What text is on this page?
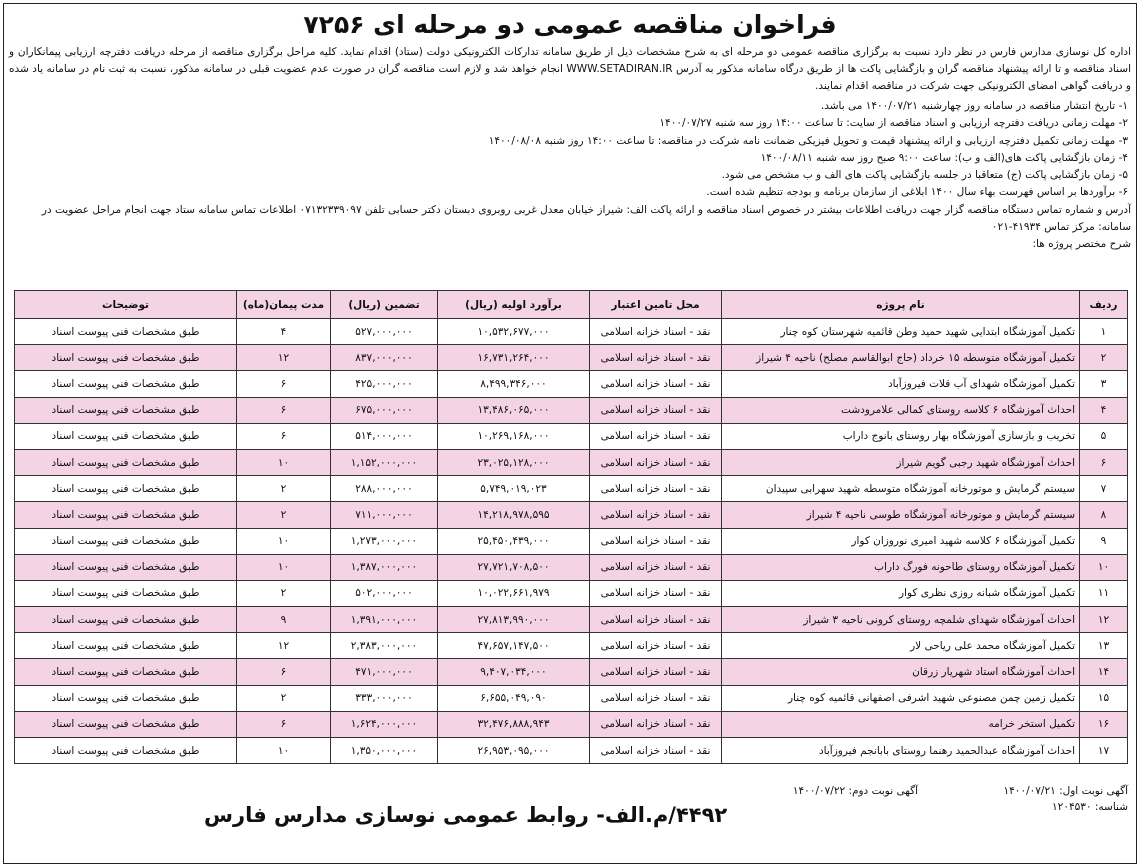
فراخوان مناقصه عمومی دو مرحله ای ۷۲۵۶

اداره کل نوسازی مدارس فارس در نظر دارد نسبت به برگزاری مناقصه عمومی دو مرحله ای به شرح مشخصات ذیل از طریق سامانه تدارکات الکترونیکی دولت (ستاد) اقدام نماید. کلیه مراحل برگزاری مناقصه از مرحله دریافت دفترچه ارزیابی پیمانکاران و اسناد مناقصه و تا ارائه پیشنهاد مناقصه گران و بازگشایی پاکت ها از طریق درگاه سامانه مذکور به آدرس WWW.SETADIRAN.IR انجام خواهد شد و لازم است مناقصه گران در صورت عدم عضویت قبلی در سامانه مذکور، نسبت به ثبت نام در سامانه یاد شده و دریافت گواهی امضای الکترونیکی جهت شرکت در مناقصه اقدام نمایند.

۱- تاریخ انتشار مناقصه در سامانه روز چهارشنبه ۱۴۰۰/۰۷/۲۱ می باشد.
۲- مهلت زمانی دریافت دفترچه ارزیابی و اسناد مناقصه از سایت: تا ساعت ۱۴:۰۰ روز سه شنبه ۱۴۰۰/۰۷/۲۷
۳- مهلت زمانی تکمیل دفترچه ارزیابی و ارائه پیشنهاد قیمت و تحویل فیزیکی ضمانت نامه شرکت در مناقصه: تا ساعت ۱۴:۰۰ روز شنبه ۱۴۰۰/۰۸/۰۸
۴- زمان بازگشایی پاکت های(الف و ب): ساعت ۹:۰۰ صبح روز سه شنبه ۱۴۰۰/۰۸/۱۱
۵- زمان بازگشایی پاکت (ج) متعاقبا در جلسه بازگشایی پاکت های الف و ب مشخص می شود.
۶- برآوردها بر اساس فهرست بهاء سال ۱۴۰۰ ابلاغی از سازمان برنامه و بودجه تنظیم شده است.
آدرس و شماره تماس دستگاه مناقصه گزار جهت دریافت اطلاعات بیشتر در خصوص اسناد مناقصه و ارائه پاکت الف: شیراز خیابان معدل غربی روبروی دبستان دکتر حسابی تلفن ۰۷۱۳۲۳۳۹۰۹۷ اطلاعات تماس سامانه ستاد جهت انجام مراحل عضویت در سامانه: مرکز تماس ۴۱۹۳۴-۰۲۱
شرح مختصر پروژه ها:
ردیف	نام پروژه	محل تامین اعتبار	برآورد اولیه (ریال)	تضمین (ریال)	مدت پیمان(ماه)	توضیحات
۱	تکمیل آموزشگاه ابتدایی شهید حمید وطن قائمیه شهرستان کوه چنار	نقد - اسناد خزانه اسلامی	۱۰,۵۳۲,۶۷۷,۰۰۰	۵۲۷,۰۰۰,۰۰۰	۴	طبق مشخصات فنی پیوست اسناد
۲	تکمیل آموزشگاه متوسطه ۱۵ خرداد (حاج ابوالقاسم مصلح) ناحیه ۴ شیراز	نقد - اسناد خزانه اسلامی	۱۶,۷۳۱,۲۶۴,۰۰۰	۸۳۷,۰۰۰,۰۰۰	۱۲	طبق مشخصات فنی پیوست اسناد
۳	تکمیل آموزشگاه شهدای آب قلات فیروزآباد	نقد - اسناد خزانه اسلامی	۸,۴۹۹,۳۴۶,۰۰۰	۴۲۵,۰۰۰,۰۰۰	۶	طبق مشخصات فنی پیوست اسناد
۴	احداث آموزشگاه ۶ کلاسه روستای کمالی علامرودشت	نقد - اسناد خزانه اسلامی	۱۳,۴۸۶,۰۶۵,۰۰۰	۶۷۵,۰۰۰,۰۰۰	۶	طبق مشخصات فنی پیوست اسناد
۵	تخریب و بازسازی آموزشگاه بهار روستای بانوج داراب	نقد - اسناد خزانه اسلامی	۱۰,۲۶۹,۱۶۸,۰۰۰	۵۱۴,۰۰۰,۰۰۰	۶	طبق مشخصات فنی پیوست اسناد
۶	احداث آموزشگاه شهید رجبی گویم شیراز	نقد - اسناد خزانه اسلامی	۲۳,۰۲۵,۱۲۸,۰۰۰	۱,۱۵۲,۰۰۰,۰۰۰	۱۰	طبق مشخصات فنی پیوست اسناد
۷	سیستم گرمایش و موتورخانه آموزشگاه متوسطه شهید سهرابی سپیدان	نقد - اسناد خزانه اسلامی	۵,۷۴۹,۰۱۹,۰۲۳	۲۸۸,۰۰۰,۰۰۰	۲	طبق مشخصات فنی پیوست اسناد
۸	سیستم گرمایش و موتورخانه آموزشگاه طوسی ناحیه ۴ شیراز	نقد - اسناد خزانه اسلامی	۱۴,۲۱۸,۹۷۸,۵۹۵	۷۱۱,۰۰۰,۰۰۰	۲	طبق مشخصات فنی پیوست اسناد
۹	تکمیل آموزشگاه ۶ کلاسه شهید امیری نوروزان کوار	نقد - اسناد خزانه اسلامی	۲۵,۴۵۰,۴۳۹,۰۰۰	۱,۲۷۳,۰۰۰,۰۰۰	۱۰	طبق مشخصات فنی پیوست اسناد
۱۰	تکمیل آموزشگاه روستای طاحونه فورگ داراب	نقد - اسناد خزانه اسلامی	۲۷,۷۲۱,۷۰۸,۵۰۰	۱,۳۸۷,۰۰۰,۰۰۰	۱۰	طبق مشخصات فنی پیوست اسناد
۱۱	تکمیل آموزشگاه شبانه روزی نظری کوار	نقد - اسناد خزانه اسلامی	۱۰,۰۲۲,۶۶۱,۹۷۹	۵۰۲,۰۰۰,۰۰۰	۲	طبق مشخصات فنی پیوست اسناد
۱۲	احداث آموزشگاه شهدای شلمچه روستای کرونی ناحیه ۳ شیراز	نقد - اسناد خزانه اسلامی	۲۷,۸۱۳,۹۹۰,۰۰۰	۱,۳۹۱,۰۰۰,۰۰۰	۹	طبق مشخصات فنی پیوست اسناد
۱۳	تکمیل آموزشگاه محمد علی ریاحی لار	نقد - اسناد خزانه اسلامی	۴۷,۶۵۷,۱۴۷,۵۰۰	۲,۳۸۳,۰۰۰,۰۰۰	۱۲	طبق مشخصات فنی پیوست اسناد
۱۴	احداث آموزشگاه استاد شهریار زرقان	نقد - اسناد خزانه اسلامی	۹,۴۰۷,۰۳۴,۰۰۰	۴۷۱,۰۰۰,۰۰۰	۶	طبق مشخصات فنی پیوست اسناد
۱۵	تکمیل زمین چمن مصنوعی شهید اشرفی اصفهانی قائمیه کوه چنار	نقد - اسناد خزانه اسلامی	۶,۶۵۵,۰۴۹,۰۹۰	۳۳۳,۰۰۰,۰۰۰	۲	طبق مشخصات فنی پیوست اسناد
۱۶	تکمیل استخر خرامه	نقد - اسناد خزانه اسلامی	۳۲,۴۷۶,۸۸۸,۹۴۳	۱,۶۲۴,۰۰۰,۰۰۰	۶	طبق مشخصات فنی پیوست اسناد
۱۷	احداث آموزشگاه عبدالحمید رهنما روستای بابانجم فیروزآباد	نقد - اسناد خزانه اسلامی	۲۶,۹۵۳,۰۹۵,۰۰۰	۱,۳۵۰,۰۰۰,۰۰۰	۱۰	طبق مشخصات فنی پیوست اسناد
آگهی نوبت اول: ۱۴۰۰/۰۷/۲۱
آگهی نوبت دوم: ۱۴۰۰/۰۷/۲۲
شناسه: ۱۲۰۴۵۳۰
۴۴۹۲/م.الف- روابط عمومی نوسازی مدارس فارس
